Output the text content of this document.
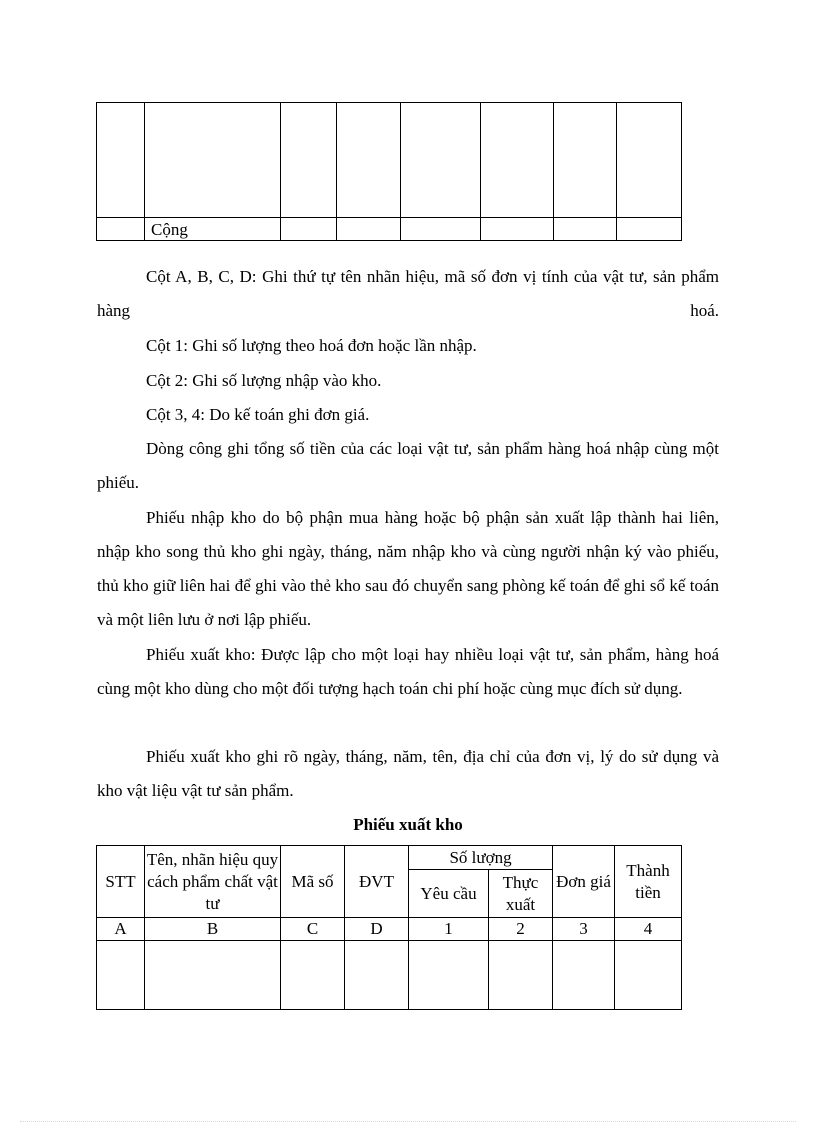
	Cộng						
Cột A, B, C, D: Ghi thứ tự tên nhãn hiệu, mã số đơn vị tính của vật tư, sản phẩm hàng hoá.
Cột 1: Ghi số lượng theo hoá đơn hoặc lần nhập.
Cột 2: Ghi số lượng nhập vào kho.
Cột 3, 4: Do kế toán ghi đơn giá.
Dòng công ghi tổng số tiền của các loại vật tư, sản phẩm hàng hoá nhập cùng một phiếu.
Phiếu nhập kho do bộ phận mua hàng hoặc bộ phận sản xuất lập thành hai liên, nhập kho song thủ kho ghi ngày, tháng, năm nhập kho và cùng người nhận ký vào phiếu, thủ kho giữ liên hai để ghi vào thẻ kho sau đó chuyển sang phòng kế toán để ghi sổ kế toán và một liên lưu ở nơi lập phiếu.
Phiếu xuất kho: Được lập cho một loại hay nhiều loại vật tư, sản phẩm, hàng hoá cùng một kho dùng cho một đối tượng hạch toán chi phí hoặc cùng mục đích sử dụng.
Phiếu xuất kho ghi rõ ngày, tháng, năm, tên, địa chỉ của đơn vị, lý do sử dụng và kho vật liệu vật tư sản phẩm.
Phiếu xuất kho
STT	Tên, nhãn hiệu quy cách phẩm chất vật tư	Mã số	ĐVT	Số lượng		Đơn giá	Thành tiền
				Yêu cầu	Thực xuất		
A	B	C	D	1	2	3	4
